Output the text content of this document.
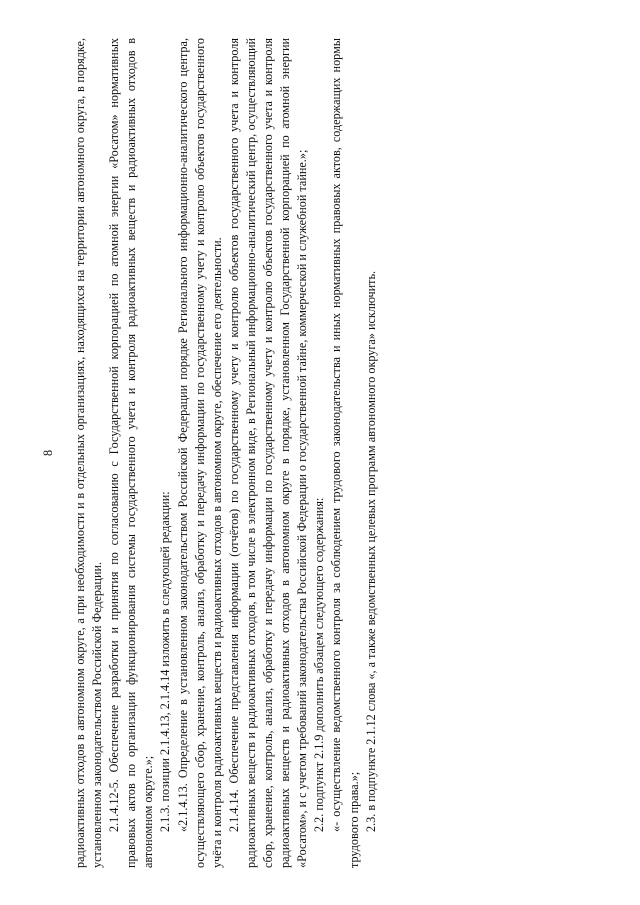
8 радиоактивных отходов в автономном округе, а при необходимости и в отдельных организациях, находящихся на территории автономного округа, в порядке, установленном законодательством Российской Федерации. 2.1.4.12-5. Обеспечение разработки и принятия по согласованию с Государственной корпорацией по атомной энергии «Росатом» нормативных правовых актов по организации функционирования системы государственного учета и контроля радиоактивных веществ и радиоактивных отходов в автономном округе.»; 2.1.3. позиции 2.1.4.13, 2.1.4.14 изложить в следующей редакции: «2.1.4.13. Определение в установленном законодательством Российской Федерации порядке Регионального информационно-аналитического центра, осуществляющего сбор, хранение, контроль, анализ, обработку и передачу информации по государственному учету и контролю объектов государственного учёта и контроля радиоактивных веществ и радиоактивных отходов в автономном округе, обеспечение его деятельности. 2.1.4.14. Обеспечение представления информации (отчётов) по государственному учету и контролю объектов государственного учета и контроля радиоактивных веществ и радиоактивных отходов, в том числе в электронном виде, в Региональный информационно-аналитический центр, осуществляющий сбор, хранение, контроль, анализ, обработку и передачу информации по государственному учету и контролю объектов государственного учета и контроля радиоактивных веществ и радиоактивных отходов в автономном округе в порядке, установленном Государственной корпорацией по атомной энергии «Росатом», и с учетом требований законодательства Российской Федерации о государственной тайне, коммерческой и служебной тайне.»; 2.2. подпункт 2.1.9 дополнить абзацем следующего содержания: «- осуществление ведомственного контроля за соблюдением трудового законодательства и иных нормативных правовых актов, содержащих нормы трудового права.»; 2.3. в подпункте 2.1.12 слова «, а также ведомственных целевых программ автономного округа» исключить.
